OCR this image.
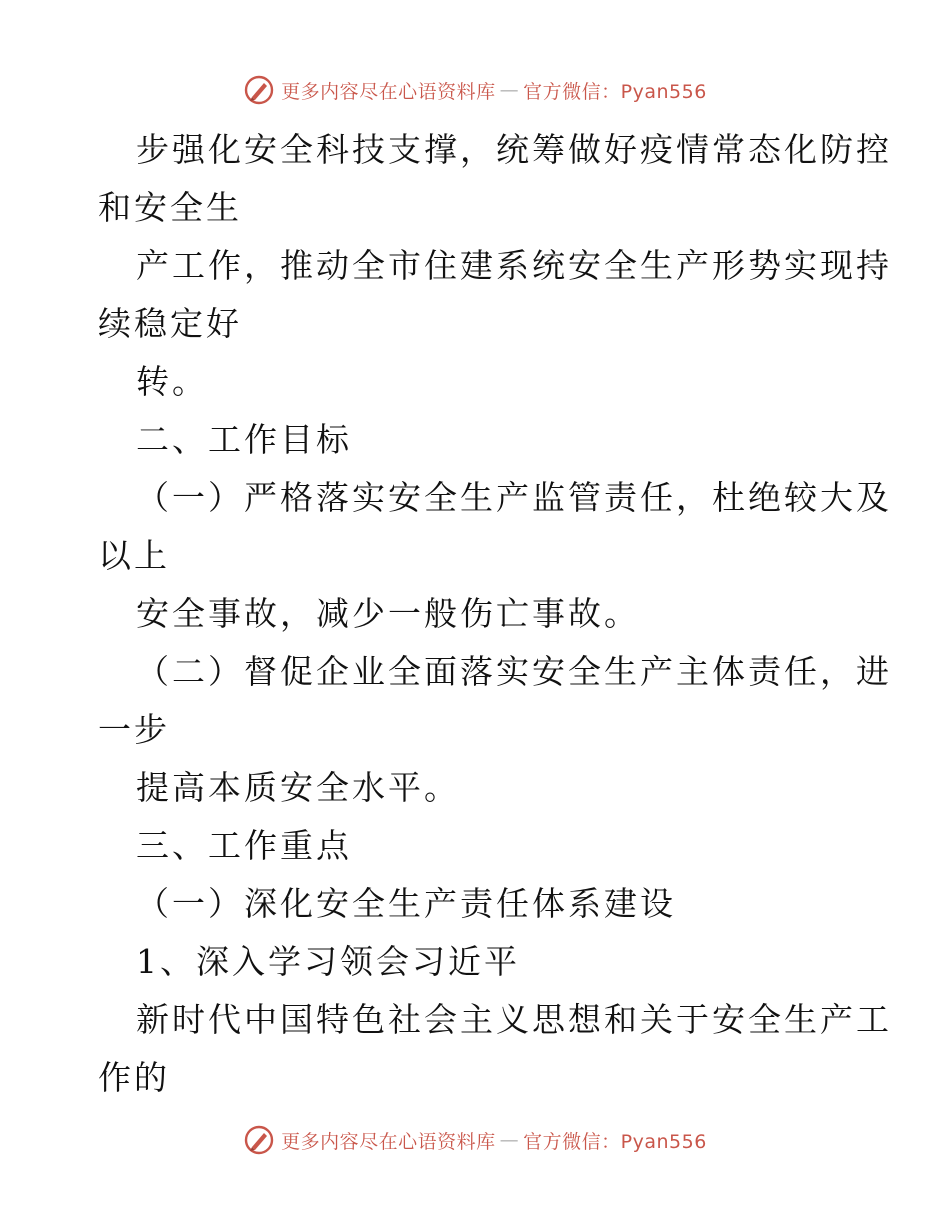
更多内容尽在心语资料库 — 官方微信：Pyan556
步强化安全科技支撑，统筹做好疫情常态化防控
和安全生
产工作，推动全市住建系统安全生产形势实现持
续稳定好
转。
二、工作目标
（一）严格落实安全生产监管责任，杜绝较大及
以上
安全事故，减少一般伤亡事故。
（二）督促企业全面落实安全生产主体责任，进
一步
提高本质安全水平。
三、工作重点
（一）深化安全生产责任体系建设
1、深入学习领会习近平
新时代中国特色社会主义思想和关于安全生产工
作的
更多内容尽在心语资料库 — 官方微信：Pyan556
